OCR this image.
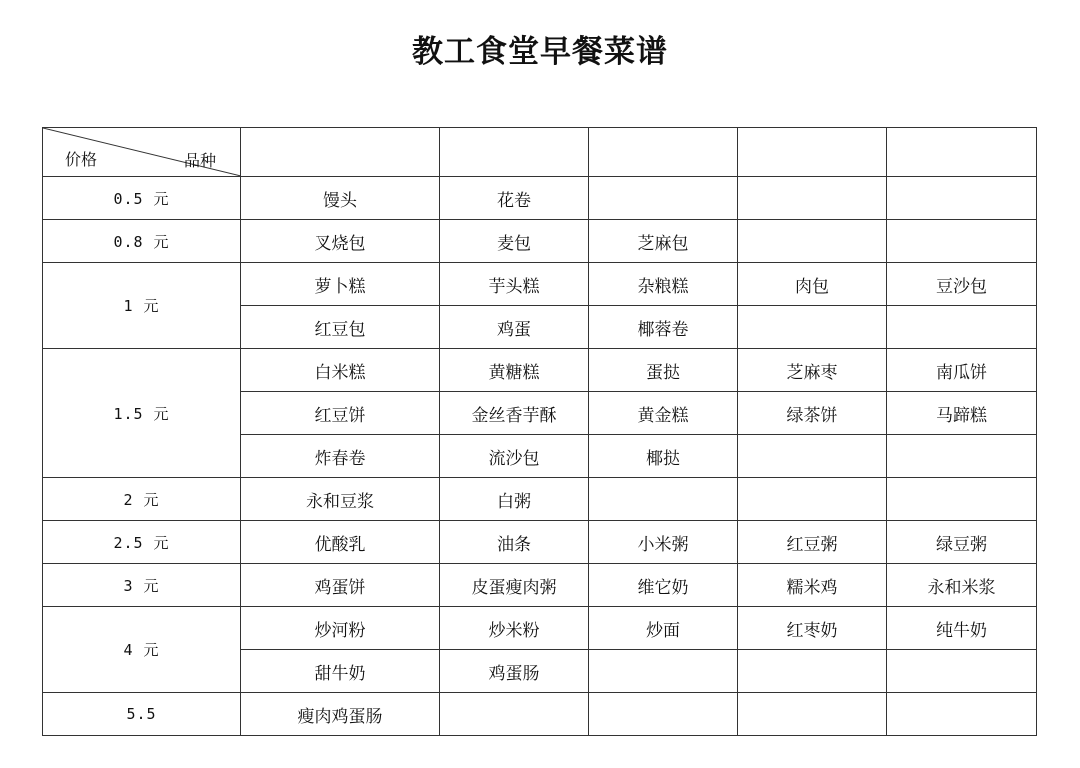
教工食堂早餐菜谱
价格 品种					

0.5 元	馒头	花卷			
0.8 元	叉烧包	麦包	芝麻包		
1 元	萝卜糕	芋头糕	杂粮糕	肉包	豆沙包
	红豆包	鸡蛋	椰蓉卷		
1.5 元	白米糕	黄糖糕	蛋挞	芝麻枣	南瓜饼
	红豆饼	金丝香芋酥	黄金糕	绿茶饼	马蹄糕
	炸春卷	流沙包	椰挞		
2 元	永和豆浆	白粥			
2.5 元	优酸乳	油条	小米粥	红豆粥	绿豆粥
3 元	鸡蛋饼	皮蛋瘦肉粥	维它奶	糯米鸡	永和米浆
4 元	炒河粉	炒米粉	炒面	红枣奶	纯牛奶
	甜牛奶	鸡蛋肠			
5.5	瘦肉鸡蛋肠				
